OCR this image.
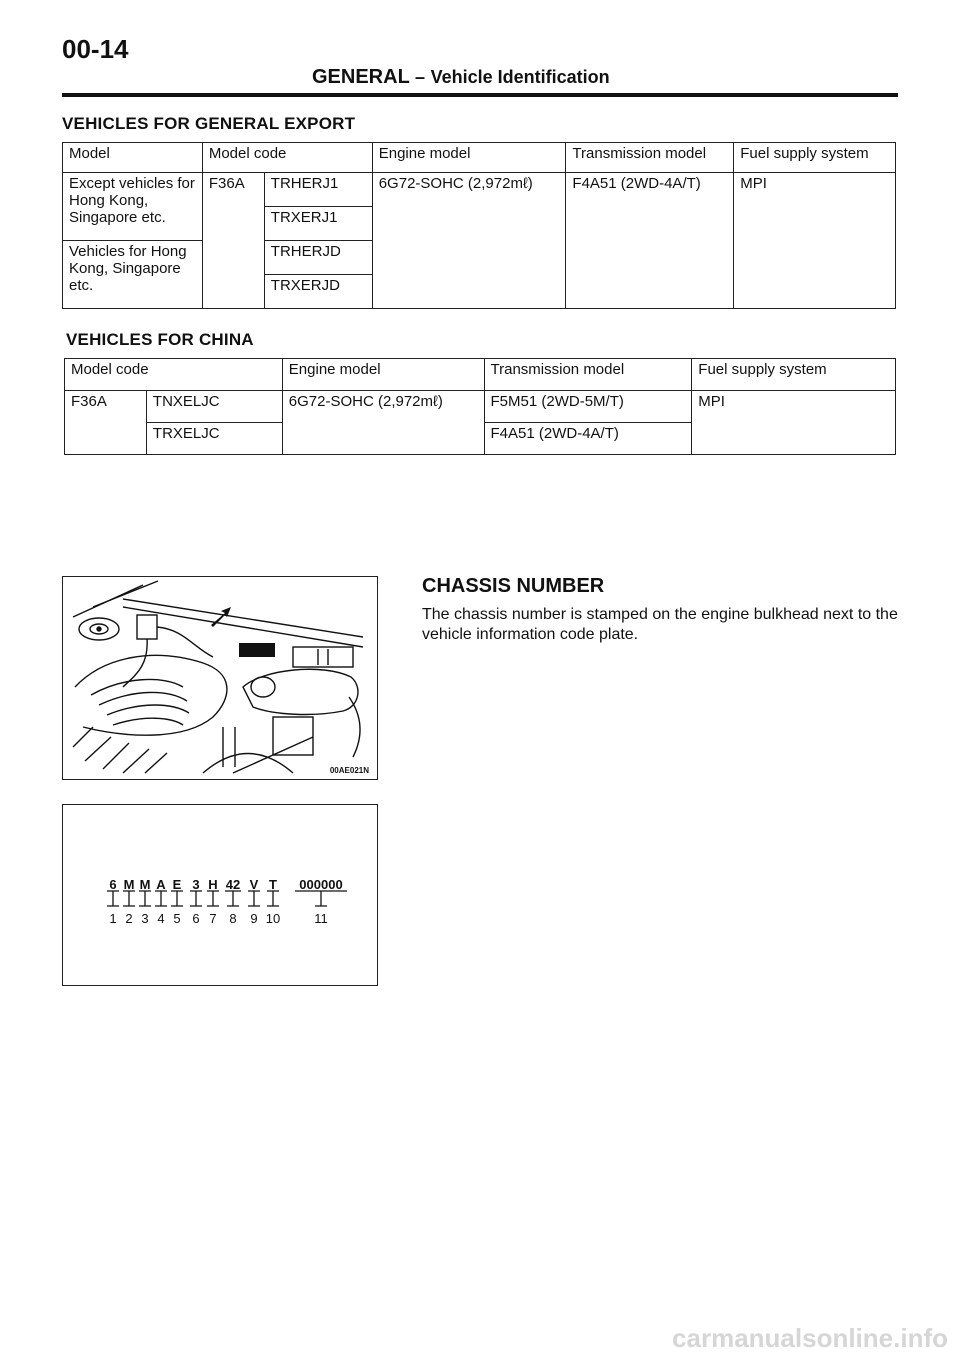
00-14
GENERAL – Vehicle Identification
VEHICLES FOR GENERAL EXPORT
Model	Model code		Engine model	Transmission model	Fuel supply system
Except vehicles for Hong Kong, Singapore etc.	F36A	TRHERJ1	6G72-SOHC (2,972mℓ)	F4A51 (2WD-4A/T)	MPI
		TRXERJ1			
Vehicles for Hong Kong, Singapore etc.		TRHERJD			
		TRXERJD			
VEHICLES FOR CHINA
Model code		Engine model	Transmission model	Fuel supply system
F36A	TNXELJC	6G72-SOHC (2,972mℓ)	F5M51 (2WD-5M/T)	MPI
	TRXELJC		F4A51 (2WD-4A/T)	
00AE021N
CHASSIS NUMBER
The chassis number is stamped on the engine bulkhead next to the vehicle information code plate.
6 M M A E 3 H 42 V T 000000
1 2 3 4 5 6 7 8 9 10	11
carmanualsonline.info
